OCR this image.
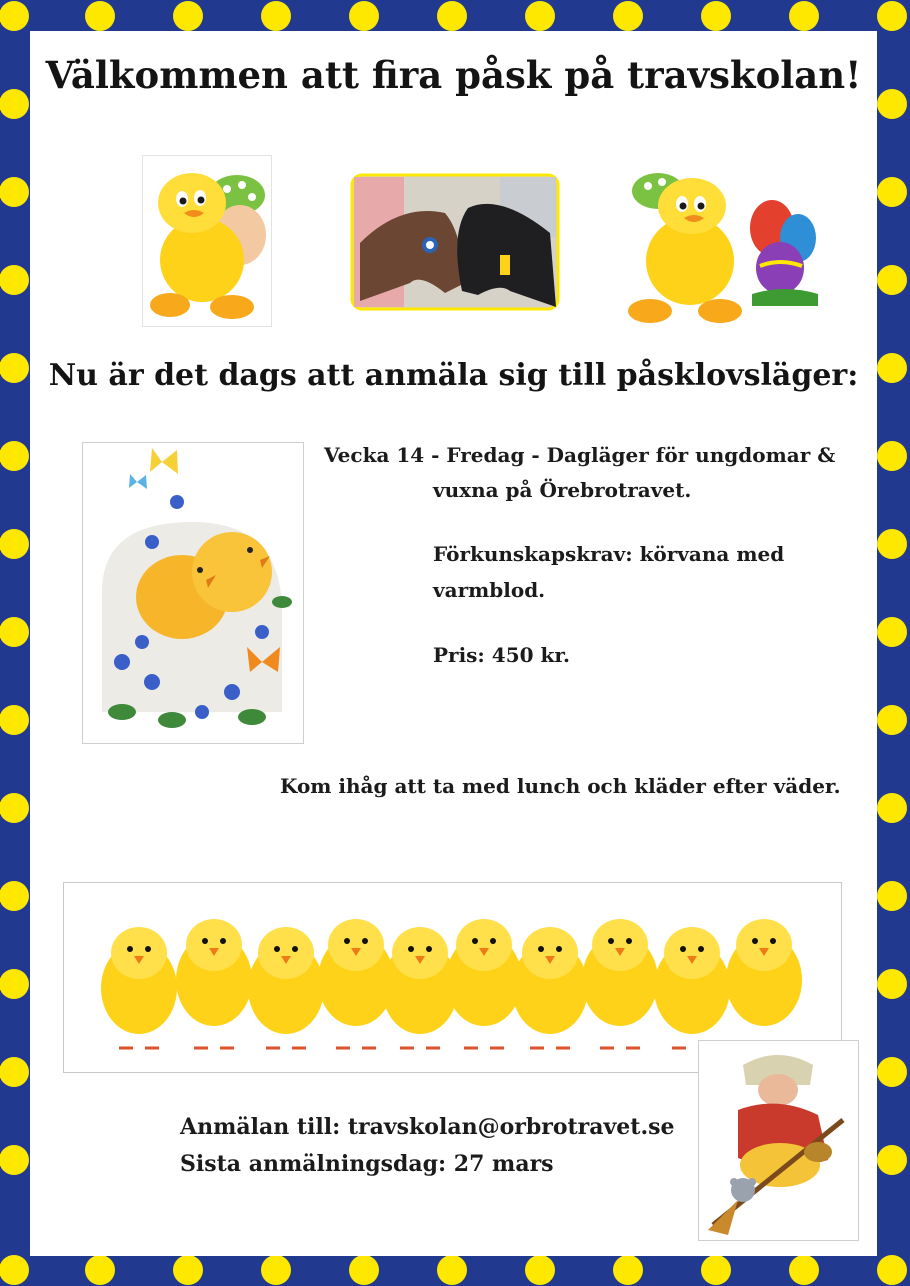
Välkommen att fira påsk på travskolan!
Nu är det dags att anmäla sig till påsklovsläger:
Vecka 14 - Fredag - Dagläger för ungdomar &
vuxna på Örebrotravet.
Förkunskapskrav: körvana med
varmblod.
Pris: 450 kr.
Kom ihåg att ta med lunch och kläder efter väder.
Anmälan till: travskolan@orbrotravet.se
Sista anmälningsdag: 27 mars
